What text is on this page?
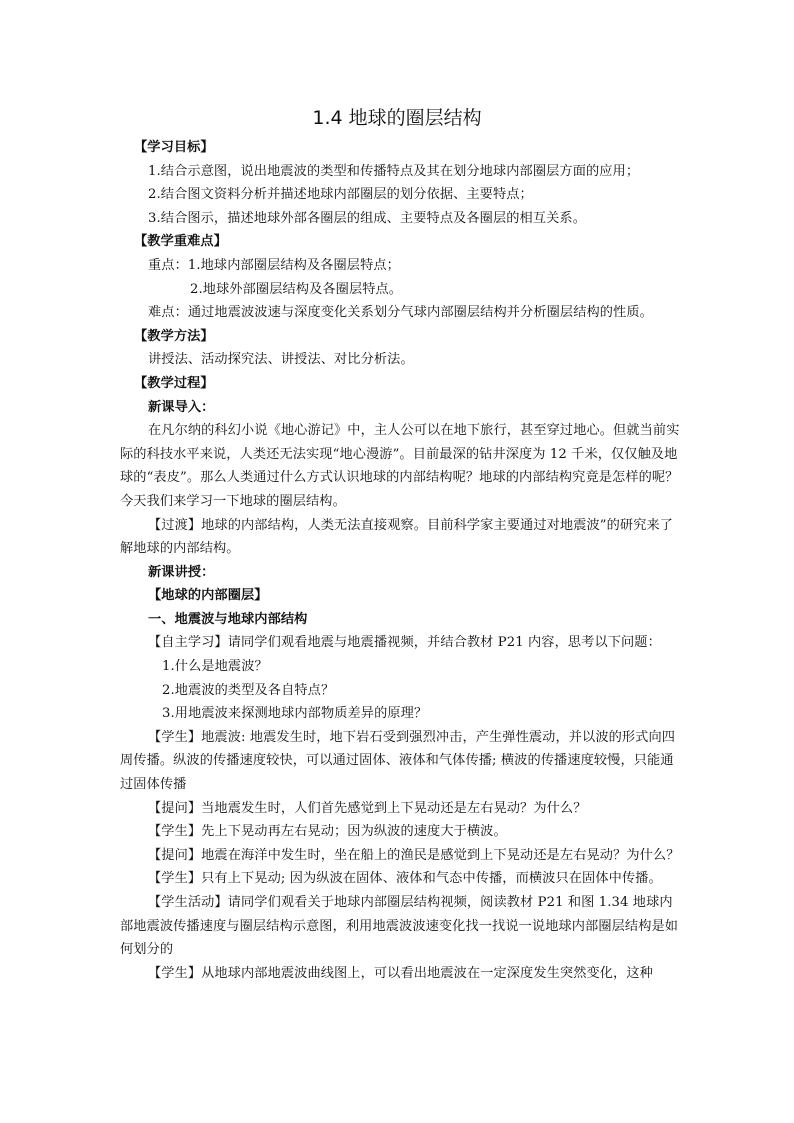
1.4 地球的圈层结构

【学习目标】

1.结合示意图，说出地震波的类型和传播特点及其在划分地球内部圈层方面的应用；

2.结合图文资料分析并描述地球内部圈层的划分依据、主要特点；

3.结合图示，描述地球外部各圈层的组成、主要特点及各圈层的相互关系。

【教学重难点】

重点：1.地球内部圈层结构及各圈层特点；

2.地球外部圈层结构及各圈层特点。

难点：通过地震波波速与深度变化关系划分气球内部圈层结构并分析圈层结构的性质。

【教学方法】

讲授法、活动探究法、讲授法、对比分析法。

【教学过程】

新课导入：

在凡尔纳的科幻小说《地心游记》中，主人公可以在地下旅行，甚至穿过地心。但就当前实际的科技水平来说，人类还无法实现“地心漫游”。目前最深的钻井深度为 12 千米，仅仅触及地球的“表皮”。那么人类通过什么方式认识地球的内部结构呢？地球的内部结构究竟是怎样的呢？今天我们来学习一下地球的圈层结构。

【过渡】地球的内部结构，人类无法直接观察。目前科学家主要通过对地震波”的研究来了解地球的内部结构。

新课讲授：

【地球的内部圈层】

一、地震波与地球内部结构

【自主学习】请同学们观看地震与地震播视频，并结合教材 P21 内容，思考以下问题：

1.什么是地震波？

2.地震波的类型及各自特点？

3.用地震波来探测地球内部物质差异的原理？

【学生】地震波: 地震发生时，地下岩石受到强烈冲击，产生弹性震动，并以波的形式向四周传播。纵波的传播速度较快，可以通过固体、液体和气体传播; 横波的传播速度较慢，只能通过固体传播

【提问】当地震发生时，人们首先感觉到上下晃动还是左右晃动？为什么？

【学生】先上下晃动再左右晃动；因为纵波的速度大于横波。

【提问】地震在海洋中发生时，坐在船上的渔民是感觉到上下晃动还是左右晃动？为什么？

【学生】只有上下晃动; 因为纵波在固体、液体和气态中传播，而横波只在固体中传播。

【学生活动】请同学们观看关于地球内部圈层结构视频，阅读教材 P21 和图 1.34 地球内部地震波传播速度与圈层结构示意图，利用地震波波速变化找一找说一说地球内部圈层结构是如何划分的

【学生】从地球内部地震波曲线图上，可以看出地震波在一定深度发生突然变化，这种
